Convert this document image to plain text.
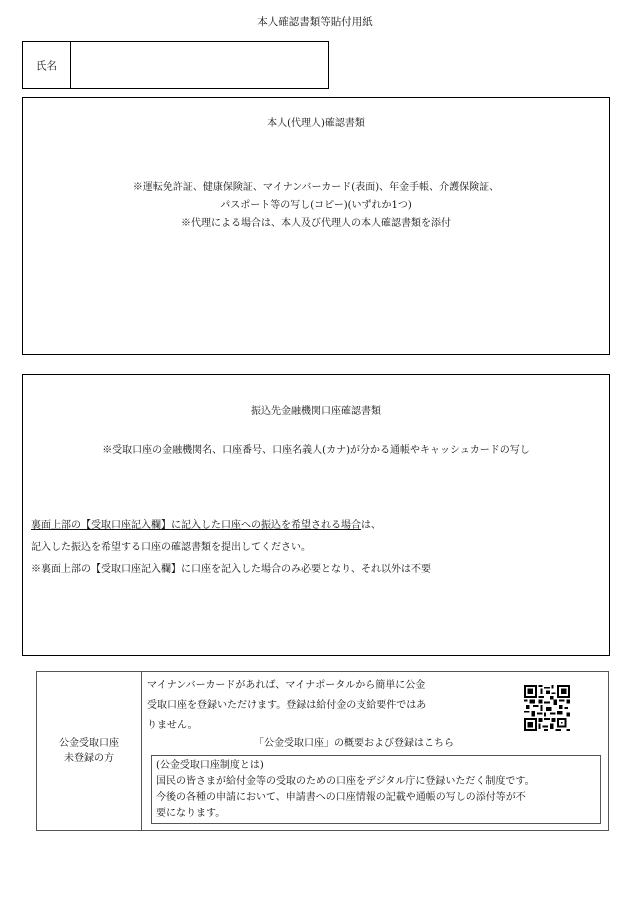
本人確認書類等貼付用紙
氏名
本人(代理人)確認書類
※運転免許証、健康保険証、マイナンバーカード(表面)、年金手帳、介護保険証、
パスポート等の写し(コピー)(いずれか1つ)
※代理による場合は、本人及び代理人の本人確認書類を添付
振込先金融機関口座確認書類
※受取口座の金融機関名、口座番号、口座名義人(カナ)が分かる通帳やキャッシュカードの写し
裏面上部の【受取口座記入欄】に記入した口座への振込を希望される場合は、
記入した振込を希望する口座の確認書類を提出してください。
※裏面上部の【受取口座記入欄】に口座を記入した場合のみ必要となり、それ以外は不要
公金受取口座
未登録の方
マイナンバーカードがあれば、マイナポータルから簡単に公金
受取口座を登録いただけます。登録は給付金の支給要件ではあ
りません。
「公金受取口座」の概要および登録はこちら
(公金受取口座制度とは)
国民の皆さまが給付金等の受取のための口座をデジタル庁に登録いただく制度です。
今後の各種の申請において、申請書への口座情報の記載や通帳の写しの添付等が不
要になります。
